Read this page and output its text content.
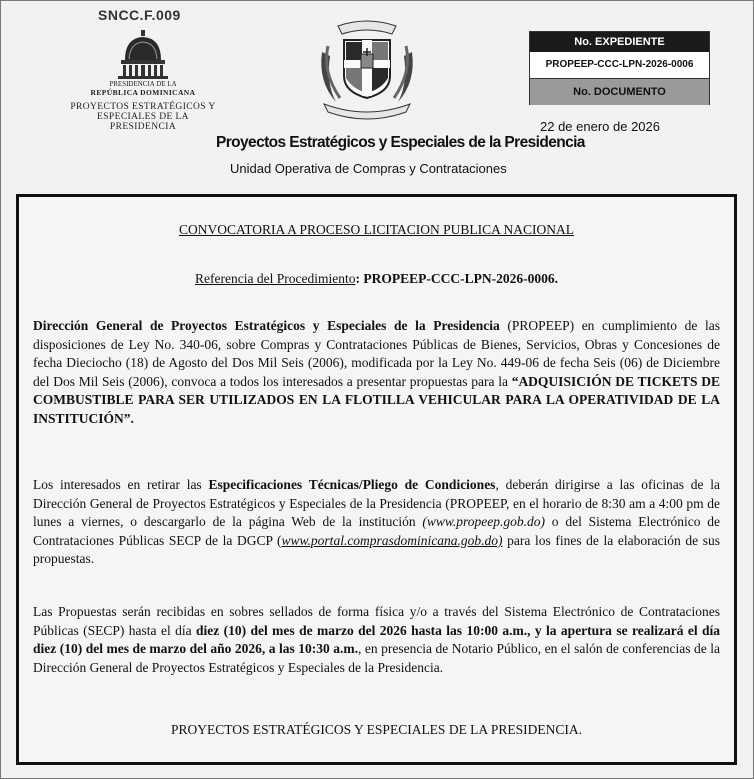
SNCC.F.009
PRESIDENCIA DE LA
REPÚBLICA DOMINICANA
PROYECTOS ESTRATÉGICOS Y
ESPECIALES DE LA PRESIDENCIA
No. EXPEDIENTE
PROPEEP-CCC-LPN-2026-0006
No. DOCUMENTO
22 de enero de 2026
Proyectos Estratégicos y Especiales de la Presidencia
Unidad Operativa de Compras y Contrataciones
CONVOCATORIA A PROCESO LICITACION PUBLICA NACIONAL
Referencia del Procedimiento: PROPEEP-CCC-LPN-2026-0006.
Dirección General de Proyectos Estratégicos y Especiales de la Presidencia (PROPEEP) en cumplimiento de las disposiciones de Ley No. 340-06, sobre Compras y Contrataciones Públicas de Bienes, Servicios, Obras y Concesiones de fecha Dieciocho (18) de Agosto del Dos Mil Seis (2006), modificada por la Ley No. 449-06 de fecha Seis (06) de Diciembre del Dos Mil Seis (2006), convoca a todos los interesados a presentar propuestas para la “ADQUISICIÓN DE TICKETS DE COMBUSTIBLE PARA SER UTILIZADOS EN LA FLOTILLA VEHICULAR PARA LA OPERATIVIDAD DE LA INSTITUCIÓN”.
Los interesados en retirar las Especificaciones Técnicas/Pliego de Condiciones, deberán dirigirse a las oficinas de la Dirección General de Proyectos Estratégicos y Especiales de la Presidencia (PROPEEP, en el horario de 8:30 am a 4:00 pm de lunes a viernes, o descargarlo de la página Web de la institución (www.propeep.gob.do) o del Sistema Electrónico de Contrataciones Públicas SECP de la DGCP (www.portal.comprasdominicana.gob.do) para los fines de la elaboración de sus propuestas.
Las Propuestas serán recibidas en sobres sellados de forma física y/o a través del Sistema Electrónico de Contrataciones Públicas (SECP) hasta el día diez (10) del mes de marzo del 2026 hasta las 10:00 a.m., y la apertura se realizará el día diez (10) del mes de marzo del año 2026, a las 10:30 a.m., en presencia de Notario Público, en el salón de conferencias de la Dirección General de Proyectos Estratégicos y Especiales de la Presidencia.
PROYECTOS ESTRATÉGICOS Y ESPECIALES DE LA PRESIDENCIA.
